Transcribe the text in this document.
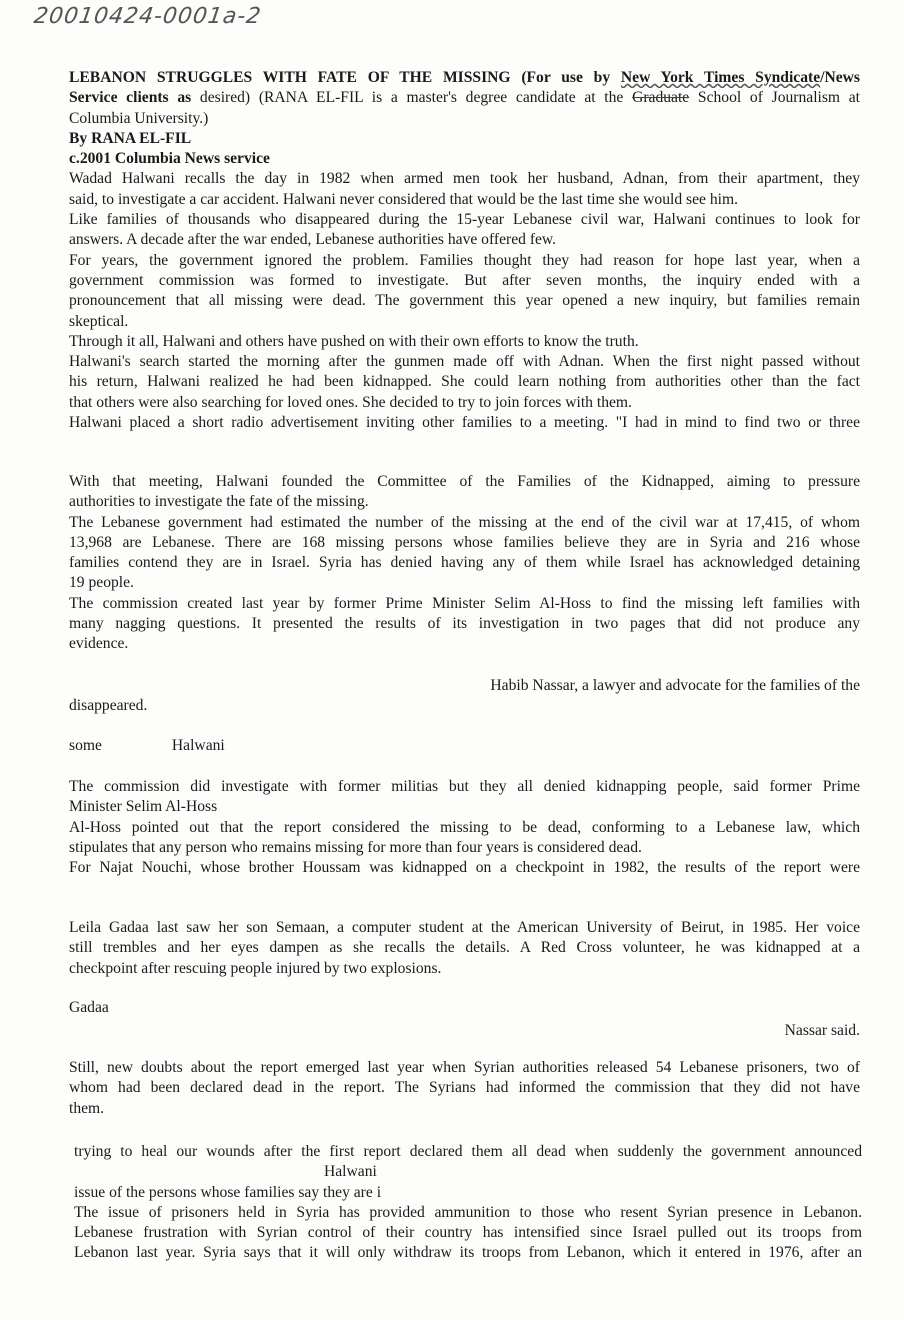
20010424-0001a-2
LEBANON STRUGGLES WITH FATE OF THE MISSING (For use by New York Times Syndicate/News
Service clients as desired) (RANA EL-FIL is a master's degree candidate at the Graduate School of Journalism at
Columbia University.)
By RANA EL-FIL
c.2001 Columbia News service
Wadad Halwani recalls the day in 1982 when armed men took her husband, Adnan, from their apartment, they
said, to investigate a car accident. Halwani never considered that would be the last time she would see him.
Like families of thousands who disappeared during the 15-year Lebanese civil war, Halwani continues to look for
answers. A decade after the war ended, Lebanese authorities have offered few.
For years, the government ignored the problem. Families thought they had reason for hope last year, when a
government commission was formed to investigate. But after seven months, the inquiry ended with a
pronouncement that all missing were dead. The government this year opened a new inquiry, but families remain
skeptical.
Through it all, Halwani and others have pushed on with their own efforts to know the truth.
Halwani's search started the morning after the gunmen made off with Adnan. When the first night passed without
his return, Halwani realized he had been kidnapped. She could learn nothing from authorities other than the fact
that others were also searching for loved ones. She decided to try to join forces with them.
Halwani placed a short radio advertisement inviting other families to a meeting. "I had in mind to find two or three
With that meeting, Halwani founded the Committee of the Families of the Kidnapped, aiming to pressure
authorities to investigate the fate of the missing.
The Lebanese government had estimated the number of the missing at the end of the civil war at 17,415, of whom
13,968 are Lebanese. There are 168 missing persons whose families believe they are in Syria and 216 whose
families contend they are in Israel. Syria has denied having any of them while Israel has acknowledged detaining
19 people.
The commission created last year by former Prime Minister Selim Al-Hoss to find the missing left families with
many nagging questions. It presented the results of its investigation in two pages that did not produce any
evidence.
Habib Nassar, a lawyer and advocate for the families of the
disappeared.
some	Halwani
The commission did investigate with former militias but they all denied kidnapping people, said former Prime
Minister Selim Al-Hoss
Al-Hoss pointed out that the report considered the missing to be dead, conforming to a Lebanese law, which
stipulates that any person who remains missing for more than four years is considered dead.
For Najat Nouchi, whose brother Houssam was kidnapped on a checkpoint in 1982, the results of the report were
Leila Gadaa last saw her son Semaan, a computer student at the American University of Beirut, in 1985. Her voice
still trembles and her eyes dampen as she recalls the details. A Red Cross volunteer, he was kidnapped at a
checkpoint after rescuing people injured by two explosions.
Gadaa
Nassar said.
Still, new doubts about the report emerged last year when Syrian authorities released 54 Lebanese prisoners, two of
whom had been declared dead in the report. The Syrians had informed the commission that they did not have
them.
trying to heal our wounds after the first report declared them all dead when suddenly the government announced
Halwani
issue of the persons whose families say they are i
The issue of prisoners held in Syria has provided ammunition to those who resent Syrian presence in Lebanon.
Lebanese frustration with Syrian control of their country has intensified since Israel pulled out its troops from
Lebanon last year. Syria says that it will only withdraw its troops from Lebanon, which it entered in 1976, after an
